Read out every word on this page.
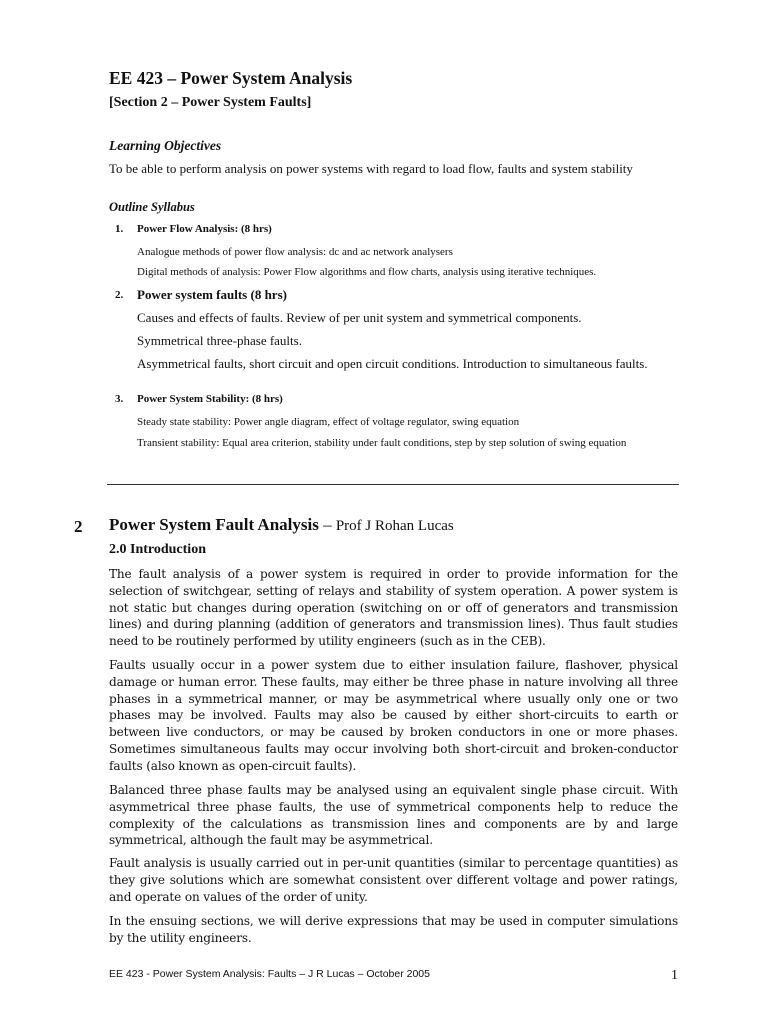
EE 423 – Power System Analysis
[Section 2 – Power System Faults]
Learning Objectives
To be able to perform analysis on power systems with regard to load flow, faults and system stability
Outline Syllabus
1. Power Flow Analysis: (8 hrs)
Analogue methods of power flow analysis: dc and ac network analysers
Digital methods of analysis: Power Flow algorithms and flow charts, analysis using iterative techniques.
2. Power system faults (8 hrs)
Causes and effects of faults. Review of per unit system and symmetrical components.
Symmetrical three-phase faults.
Asymmetrical faults, short circuit and open circuit conditions. Introduction to simultaneous faults.
3. Power System Stability: (8 hrs)
Steady state stability: Power angle diagram, effect of voltage regulator, swing equation
Transient stability: Equal area criterion, stability under fault conditions, step by step solution of swing equation
2 Power System Fault Analysis – Prof J Rohan Lucas
2.0 Introduction
The fault analysis of a power system is required in order to provide information for the selection of switchgear, setting of relays and stability of system operation. A power system is not static but changes during operation (switching on or off of generators and transmission lines) and during planning (addition of generators and transmission lines). Thus fault studies need to be routinely performed by utility engineers (such as in the CEB).
Faults usually occur in a power system due to either insulation failure, flashover, physical damage or human error. These faults, may either be three phase in nature involving all three phases in a symmetrical manner, or may be asymmetrical where usually only one or two phases may be involved. Faults may also be caused by either short-circuits to earth or between live conductors, or may be caused by broken conductors in one or more phases. Sometimes simultaneous faults may occur involving both short-circuit and broken-conductor faults (also known as open-circuit faults).
Balanced three phase faults may be analysed using an equivalent single phase circuit. With asymmetrical three phase faults, the use of symmetrical components help to reduce the complexity of the calculations as transmission lines and components are by and large symmetrical, although the fault may be asymmetrical.
Fault analysis is usually carried out in per-unit quantities (similar to percentage quantities) as they give solutions which are somewhat consistent over different voltage and power ratings, and operate on values of the order of unity.
In the ensuing sections, we will derive expressions that may be used in computer simulations by the utility engineers.
EE 423 - Power System Analysis: Faults – J R Lucas – October 2005	1
